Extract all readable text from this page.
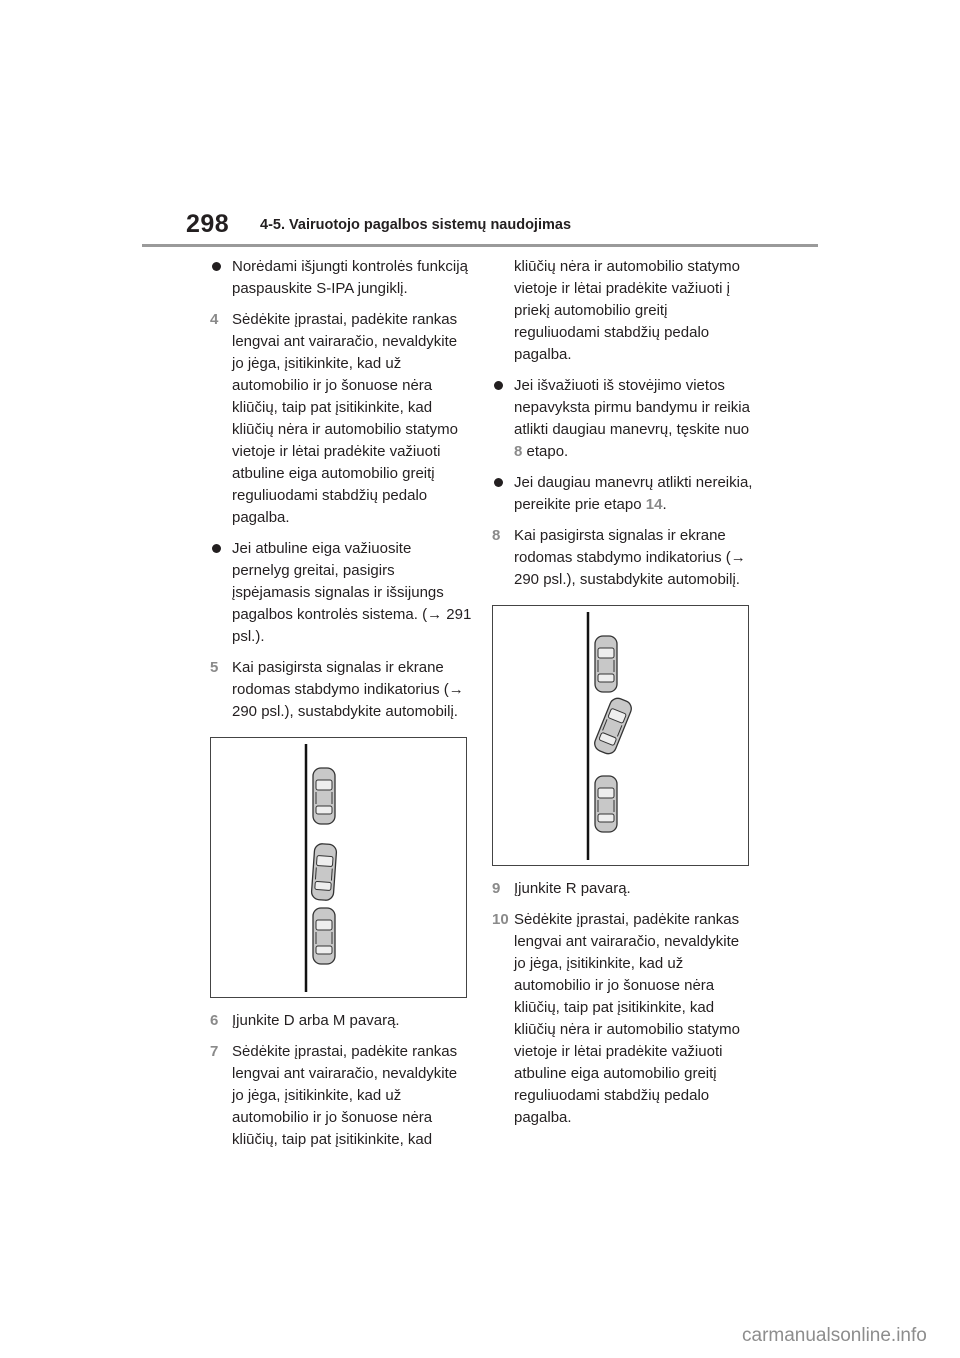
298 4-5. Vairuotojo pagalbos sistemų naudojimas
Norėdami išjungti kontrolės funkciją paspauskite S-IPA jungiklį.
4 Sėdėkite įprastai, padėkite rankas lengvai ant vairaračio, nevaldykite jo jėga, įsitikinkite, kad už automobilio ir jo šonuose nėra kliūčių, taip pat įsitikinkite, kad kliūčių nėra ir automobilio statymo vietoje ir lėtai pradėkite važiuoti atbuline eiga automobilio greitį reguliuodami stabdžių pedalo pagalba.
Jei atbuline eiga važiuosite pernelyg greitai, pasigirs įspėjamasis signalas ir išsijungs pagalbos kontrolės sistema. (→ 291 psl.).
5 Kai pasigirsta signalas ir ekrane rodomas stabdymo indikatorius (→ 290 psl.), sustabdykite automobilį.
6 Įjunkite D arba M pavarą.
7 Sėdėkite įprastai, padėkite rankas lengvai ant vairaračio, nevaldykite jo jėga, įsitikinkite, kad už automobilio ir jo šonuose nėra kliūčių, taip pat įsitikinkite, kad
kliūčių nėra ir automobilio statymo vietoje ir lėtai pradėkite važiuoti į priekį automobilio greitį reguliuodami stabdžių pedalo pagalba.
Jei išvažiuoti iš stovėjimo vietos nepavyksta pirmu bandymu ir reikia atlikti daugiau manevrų, tęskite nuo 8 etapo.
Jei daugiau manevrų atlikti nereikia, pereikite prie etapo 14.
8 Kai pasigirsta signalas ir ekrane rodomas stabdymo indikatorius (→ 290 psl.), sustabdykite automobilį.
9 Įjunkite R pavarą.
10 Sėdėkite įprastai, padėkite rankas lengvai ant vairaračio, nevaldykite jo jėga, įsitikinkite, kad už automobilio ir jo šonuose nėra kliūčių, taip pat įsitikinkite, kad kliūčių nėra ir automobilio statymo vietoje ir lėtai pradėkite važiuoti atbuline eiga automobilio greitį reguliuodami stabdžių pedalo pagalba.
carmanualsonline.info
